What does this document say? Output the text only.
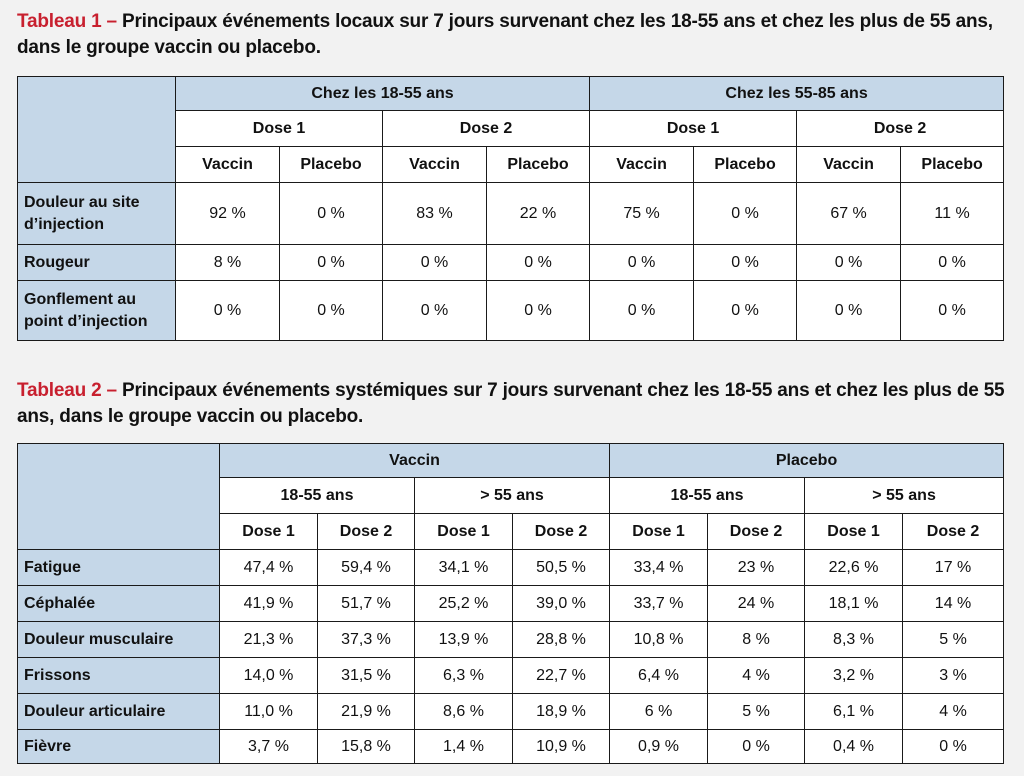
Tableau 1 – Principaux événements locaux sur 7 jours survenant chez les 18-55 ans et chez les plus de 55 ans, dans le groupe vaccin ou placebo.

	Chez les 18-55 ans				Chez les 55-85 ans			
	Dose 1		Dose 2		Dose 1		Dose 2	
	Vaccin	Placebo	Vaccin	Placebo	Vaccin	Placebo	Vaccin	Placebo
Douleur au site d’injection	92 %	0 %	83 %	22 %	75 %	0 %	67 %	11 %
Rougeur	8 %	0 %	0 %	0 %	0 %	0 %	0 %	0 %
Gonflement au point d’injection	0 %	0 %	0 %	0 %	0 %	0 %	0 %	0 %

Tableau 2 – Principaux événements systémiques sur 7 jours survenant chez les 18-55 ans et chez les plus de 55 ans, dans le groupe vaccin ou placebo.

	Vaccin				Placebo			
	18-55 ans		> 55 ans		18-55 ans		> 55 ans	
	Dose 1	Dose 2	Dose 1	Dose 2	Dose 1	Dose 2	Dose 1	Dose 2
Fatigue	47,4 %	59,4 %	34,1 %	50,5 %	33,4 %	23 %	22,6 %	17 %
Céphalée	41,9 %	51,7 %	25,2 %	39,0 %	33,7 %	24 %	18,1 %	14 %
Douleur musculaire	21,3 %	37,3 %	13,9 %	28,8 %	10,8 %	8 %	8,3 %	5 %
Frissons	14,0 %	31,5 %	6,3 %	22,7 %	6,4 %	4 %	3,2 %	3 %
Douleur articulaire	11,0 %	21,9 %	8,6 %	18,9 %	6 %	5 %	6,1 %	4 %
Fièvre	3,7 %	15,8 %	1,4 %	10,9 %	0,9 %	0 %	0,4 %	0 %
